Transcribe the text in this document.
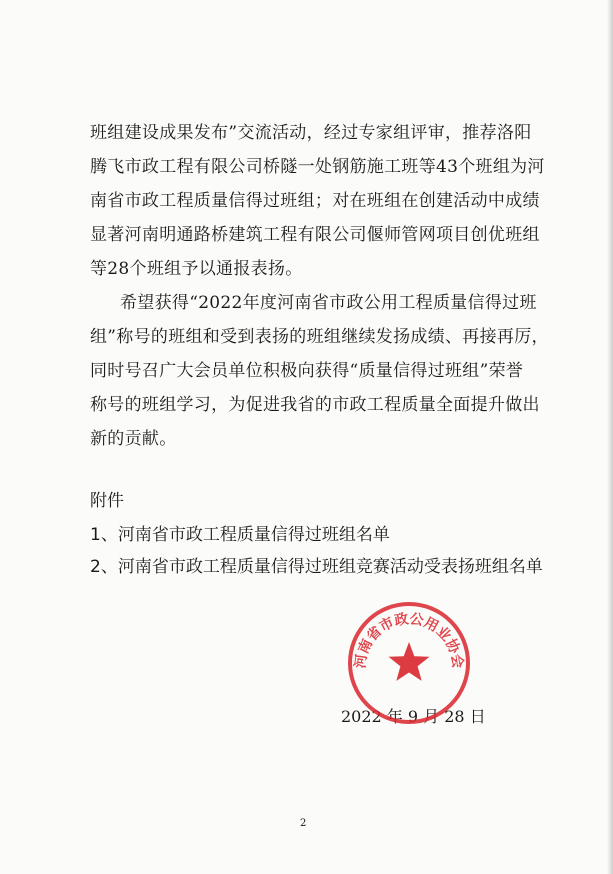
班组建设成果发布”交流活动，经过专家组评审，推荐洛阳
腾飞市政工程有限公司桥隧一处钢筋施工班等43个班组为河
南省市政工程质量信得过班组；对在班组在创建活动中成绩
显著河南明通路桥建筑工程有限公司偃师管网项目创优班组
等28个班组予以通报表扬。
希望获得“2022年度河南省市政公用工程质量信得过班
组”称号的班组和受到表扬的班组继续发扬成绩、再接再厉，
同时号召广大会员单位积极向获得“质量信得过班组”荣誉
称号的班组学习，为促进我省的市政工程质量全面提升做出
新的贡献。
附件
1、河南省市政工程质量信得过班组名单
2、河南省市政工程质量信得过班组竞赛活动受表扬班组名单
2022 年 9 月 28 日
河南省市政公用业协会
2
